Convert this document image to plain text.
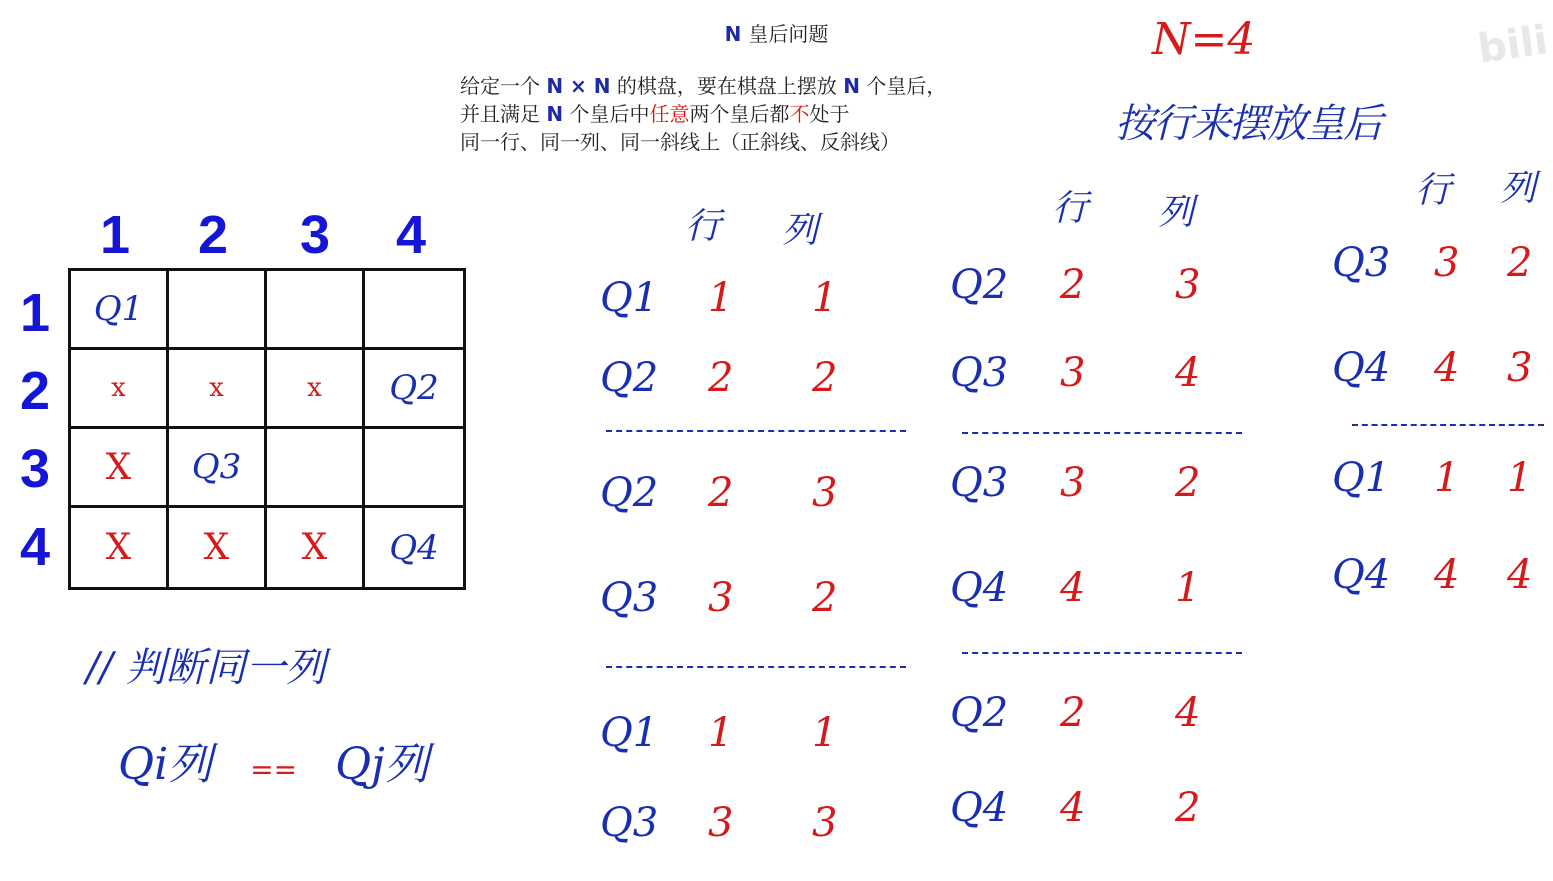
N 皇后问题
给定一个 N × N 的棋盘，要在棋盘上摆放 N 个皇后，
并且满足 N 个皇后中任意两个皇后都不处于
同一行、同一列、同一斜线上（正斜线、反斜线）
N=4
按行来摆放皇后
bili
1 2 3 4
1
2
3
4
Q1
x	x	x	Q2
X	Q3
X	X	X	Q4
// 判断同一列
Qi列 == Qj列
行 列
Q1 1 1
Q2 2 2
Q2 2 3
Q3 3 2
Q1 1 1
Q3 3 3
行 列
Q2 2 3
Q3 3 4
Q3 3 2
Q4 4 1
Q2 2 4
Q4 4 2
行 列
Q3 3 2
Q4 4 3
Q1 1 1
Q4 4 4
